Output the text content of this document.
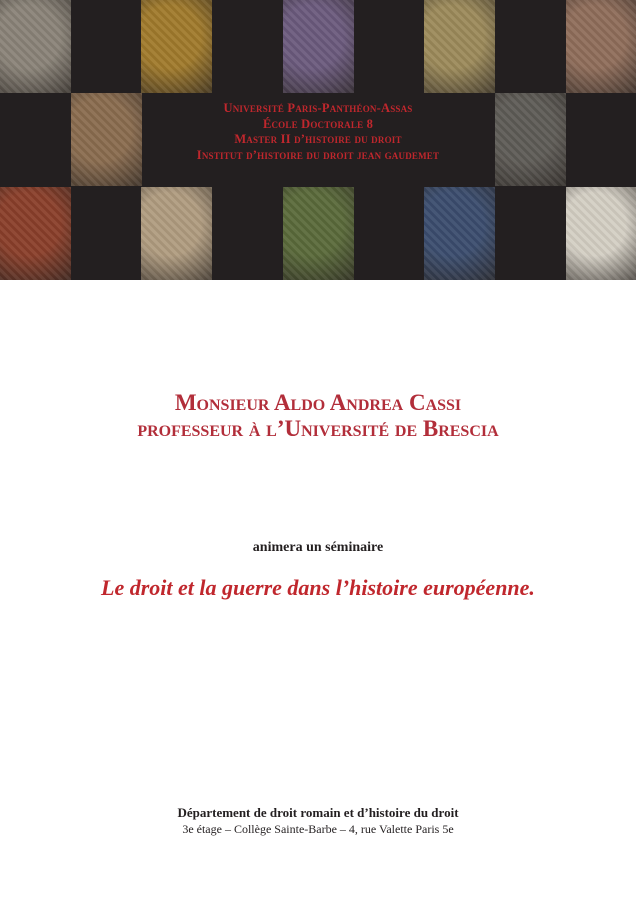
Université Paris-Panthéon-Assas
École Doctorale 8
Master II d’histoire du droit
Institut d’histoire du droit jean gaudemet
Monsieur Aldo Andrea Cassi
professeur à l’Université de Brescia
animera un séminaire
Le droit et la guerre dans l’histoire européenne.
Département de droit romain et d’histoire du droit
3e étage – Collège Sainte-Barbe – 4, rue Valette Paris 5e
